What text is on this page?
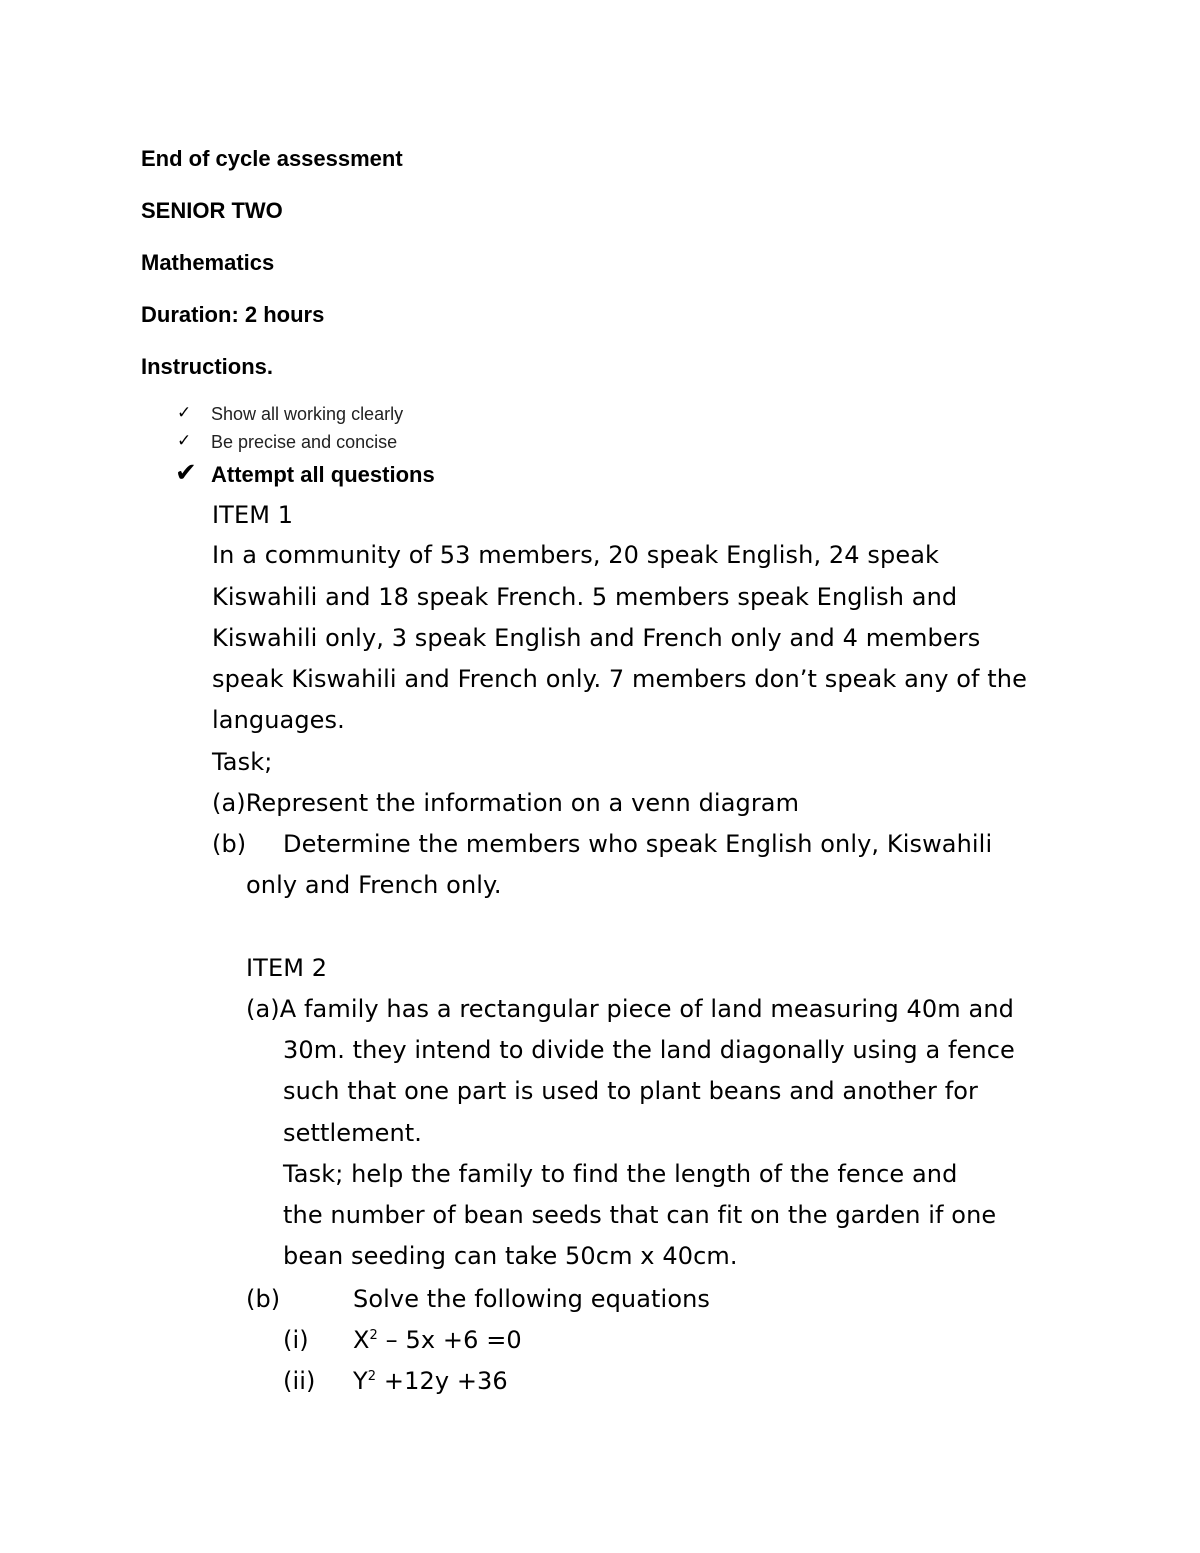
End of cycle assessment
SENIOR TWO
Mathematics
Duration: 2 hours
Instructions.
✓ Show all working clearly
✓ Be precise and concise
✔ Attempt all questions
ITEM 1
In a community of 53 members, 20 speak English, 24 speak
Kiswahili and 18 speak French. 5 members speak English and
Kiswahili only, 3 speak English and French only and 4 members
speak Kiswahili and French only. 7 members don’t speak any of the
languages.
Task;
(a)Represent the information on a venn diagram
(b) Determine the members who speak English only, Kiswahili
only and French only.
ITEM 2
(a)A family has a rectangular piece of land measuring 40m and
30m. they intend to divide the land diagonally using a fence
such that one part is used to plant beans and another for
settlement.
Task; help the family to find the length of the fence and
the number of bean seeds that can fit on the garden if one
bean seeding can take 50cm x 40cm.
(b)	Solve the following equations
(i) $X^2 - 5x +6 =0$
(ii) $Y^2 +12y +36$
